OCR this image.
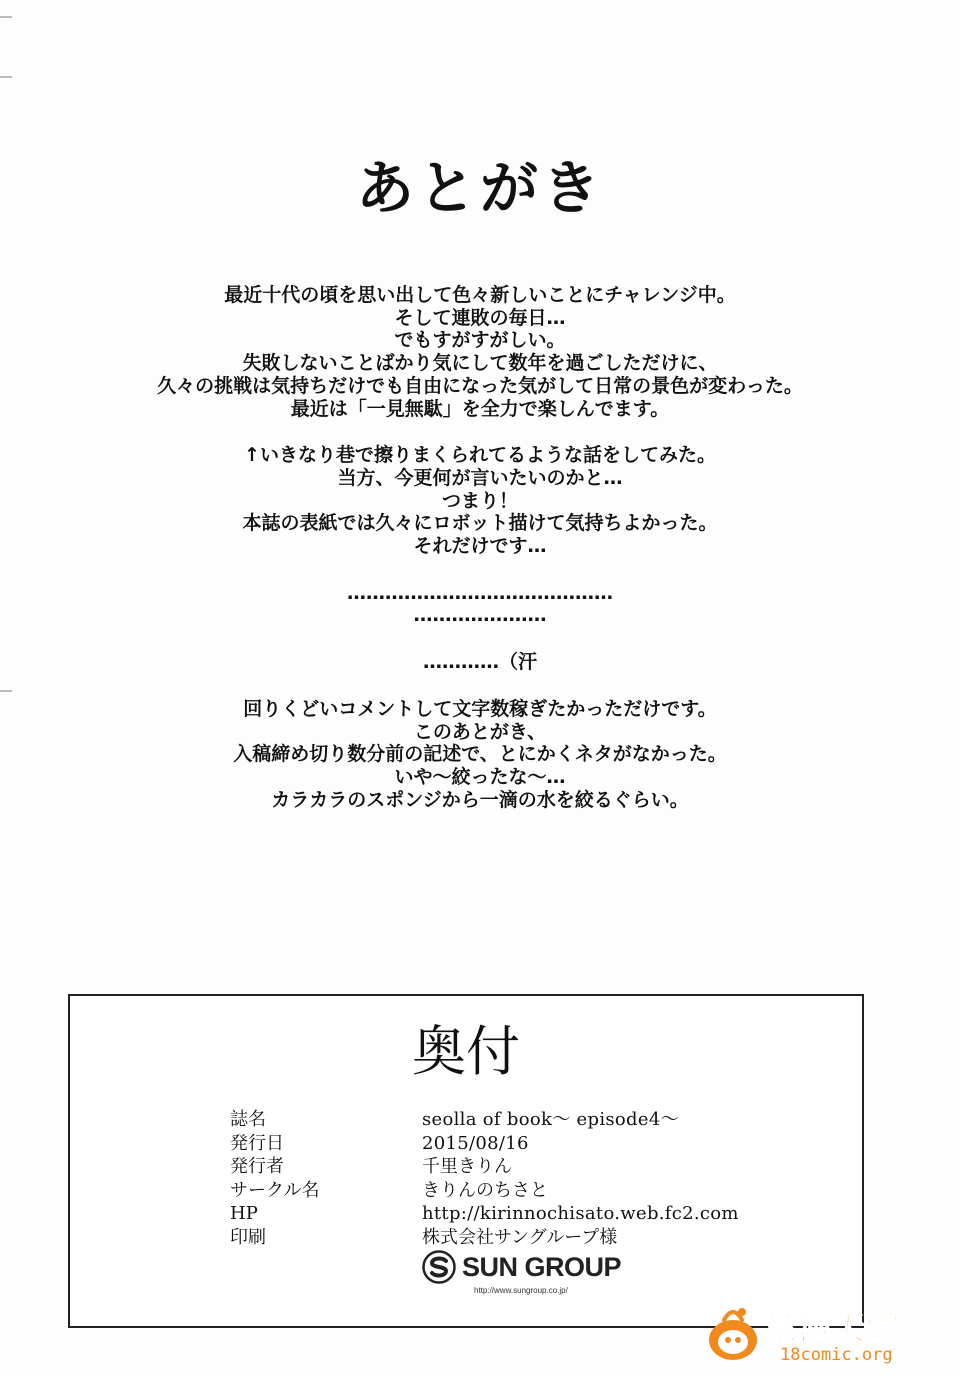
あとがき
最近十代の頃を思い出して色々新しいことにチャレンジ中。
そして連敗の毎日…
でもすがすがしい。
失敗しないことばかり気にして数年を過ごしただけに、
久々の挑戦は気持ちだけでも自由になった気がして日常の景色が変わった。
最近は「一見無駄」を全力で楽しんでます。
↑いきなり巷で擦りまくられてるような話をしてみた。
当方、今更何が言いたいのかと…
つまり！
本誌の表紙では久々にロボット描けて気持ちよかった。
それだけです…
……………………………………
…………………
…………（汗
回りくどいコメントして文字数稼ぎたかっただけです。
このあとがき、
入稿締め切り数分前の記述で、とにかくネタがなかった。
いや～絞ったな～…
カラカラのスポンジから一滴の水を絞るぐらい。
奥付
誌名	seolla of book～ episode4～
発行日	2015/08/16
発行者	千里きりん
サークル名	きりんのちさと
HP	http://kirinnochisato.web.fc2.com
印刷	株式会社サングループ様
SUN GROUP
http://www.sungroup.co.jp/
禁漫天堂
18comic.org
